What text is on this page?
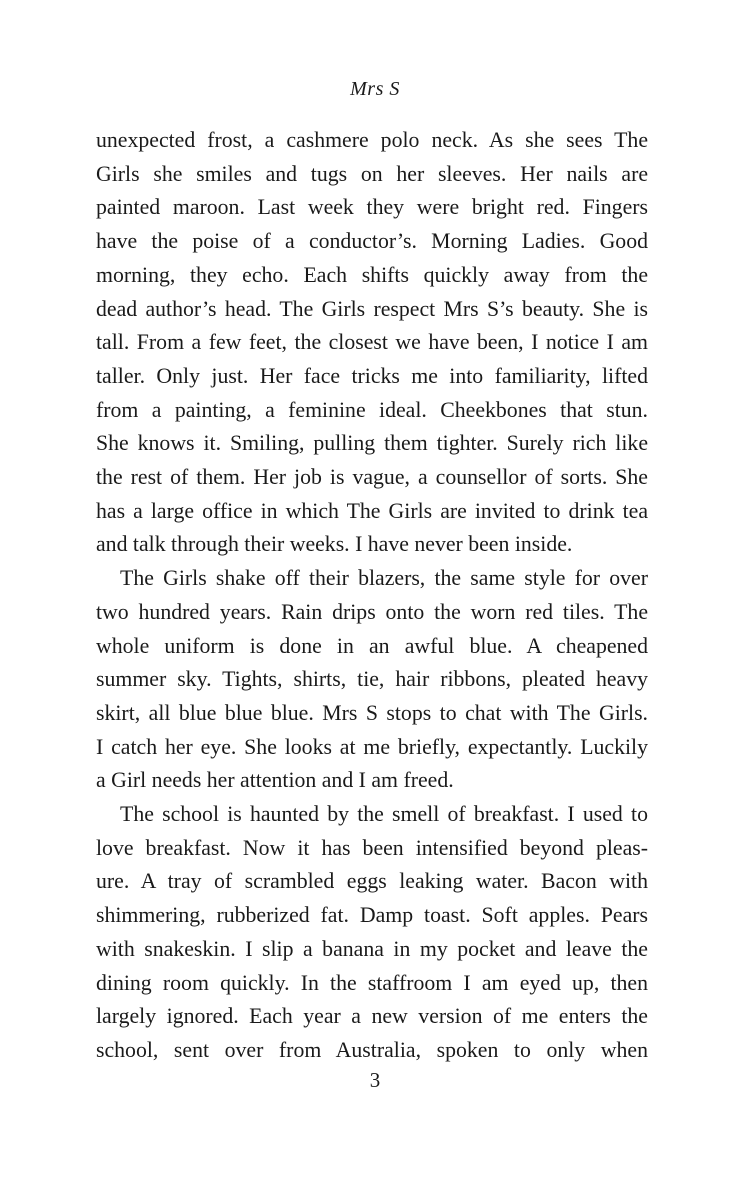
Mrs S

unexpected frost, a cashmere polo neck. As she sees The
Girls she smiles and tugs on her sleeves. Her nails are
painted maroon. Last week they were bright red. Fingers
have the poise of a conductor’s. Morning Ladies. Good
morning, they echo. Each shifts quickly away from the
dead author’s head. The Girls respect Mrs S’s beauty. She is
tall. From a few feet, the closest we have been, I notice I am
taller. Only just. Her face tricks me into familiarity, lifted
from a painting, a feminine ideal. Cheekbones that stun.
She knows it. Smiling, pulling them tighter. Surely rich like
the rest of them. Her job is vague, a counsellor of sorts. She
has a large office in which The Girls are invited to drink tea
and talk through their weeks. I have never been inside.

The Girls shake off their blazers, the same style for over
two hundred years. Rain drips onto the worn red tiles. The
whole uniform is done in an awful blue. A cheapened
summer sky. Tights, shirts, tie, hair ribbons, pleated heavy
skirt, all blue blue blue. Mrs S stops to chat with The Girls.
I catch her eye. She looks at me briefly, expectantly. Luckily
a Girl needs her attention and I am freed.

The school is haunted by the smell of breakfast. I used to
love breakfast. Now it has been intensified beyond pleas-
ure. A tray of scrambled eggs leaking water. Bacon with
shimmering, rubberized fat. Damp toast. Soft apples. Pears
with snakeskin. I slip a banana in my pocket and leave the
dining room quickly. In the staffroom I am eyed up, then
largely ignored. Each year a new version of me enters the
school, sent over from Australia, spoken to only when

3
